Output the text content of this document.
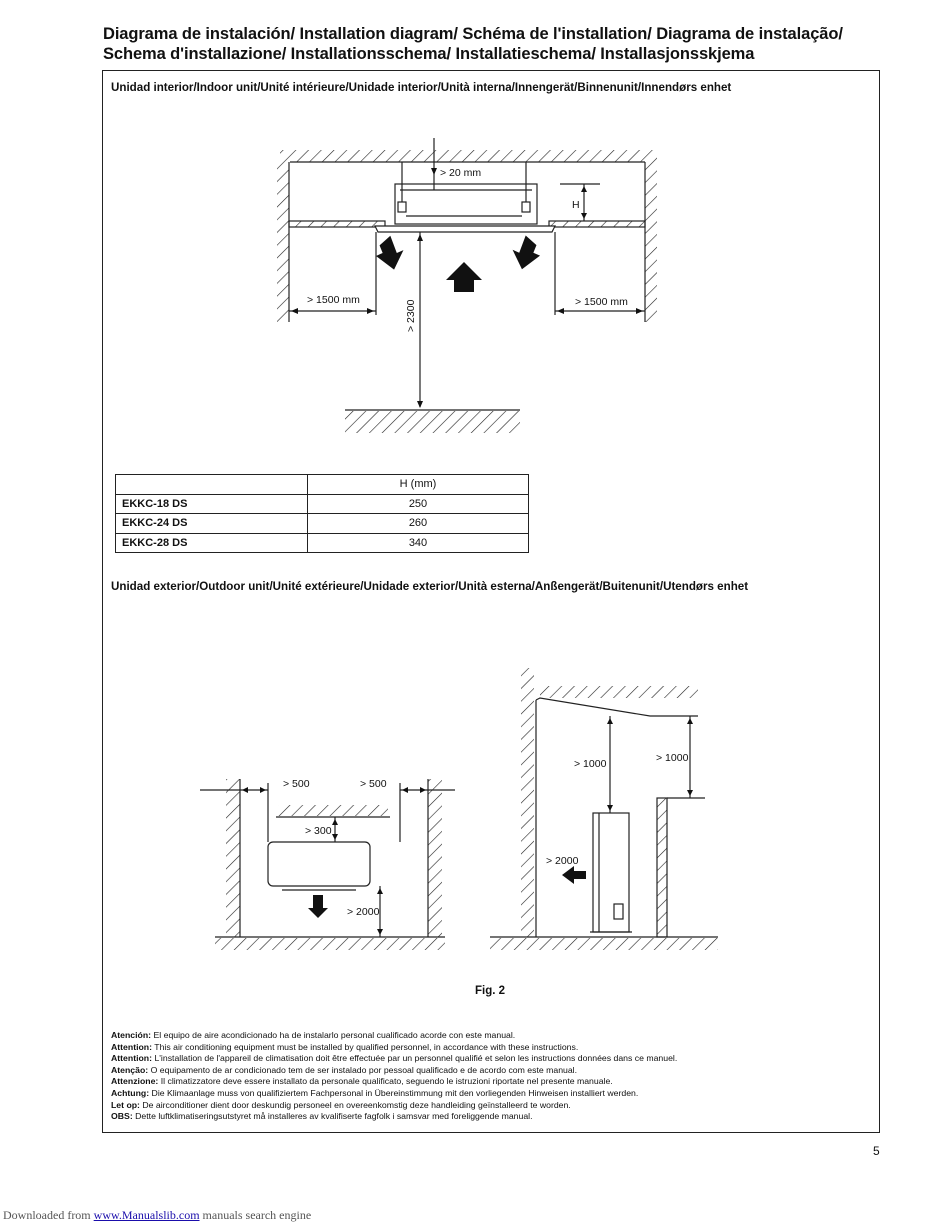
Diagrama de instalación/ Installation diagram/ Schéma de l'installation/ Diagrama de instalação/ Schema d'installazione/ Installationsschema/ Installatieschema/ Installasjonsskjema
Unidad interior/Indoor unit/Unité intérieure/Unidade interior/Unità interna/Innengerät/Binnenunit/Innendørs enhet
> 20 mm
H
> 1500 mm	> 1500 mm
> 2300
	H (mm)
EKKC-18 DS	250
EKKC-24 DS	260
EKKC-28 DS	340
Unidad exterior/Outdoor unit/Unité extérieure/Unidade exterior/Unità esterna/Anßengerät/Buitenunit/Utendørs enhet
> 500	> 500
> 300
> 2000
> 1000	> 1000
> 2000
Fig. 2
Atención: El equipo de aire acondicionado ha de instalarlo personal cualificado acorde con este manual.
Attention: This air conditioning equipment must be installed by qualified personnel, in accordance with these instructions.
Attention: L'installation de l'appareil de climatisation doit être effectuée par un personnel qualifié et selon les instructions données dans ce manuel.
Atenção: O equipamento de ar condicionado tem de ser instalado por pessoal qualificado e de acordo com este manual.
Attenzione: Il climatizzatore deve essere installato da personale qualificato, seguendo le istruzioni riportate nel presente manuale.
Achtung: Die Klimaanlage muss von qualifiziertem Fachpersonal in Übereinstimmung mit den vorliegenden Hinweisen installiert werden.
Let op: De airconditioner dient door deskundig personeel en overeenkomstig deze handleiding geïnstalleerd te worden.
OBS: Dette luftklimatiseringsutstyret må installeres av kvalifiserte fagfolk i samsvar med foreliggende manual.
5
Downloaded from www.Manualslib.com manuals search engine
